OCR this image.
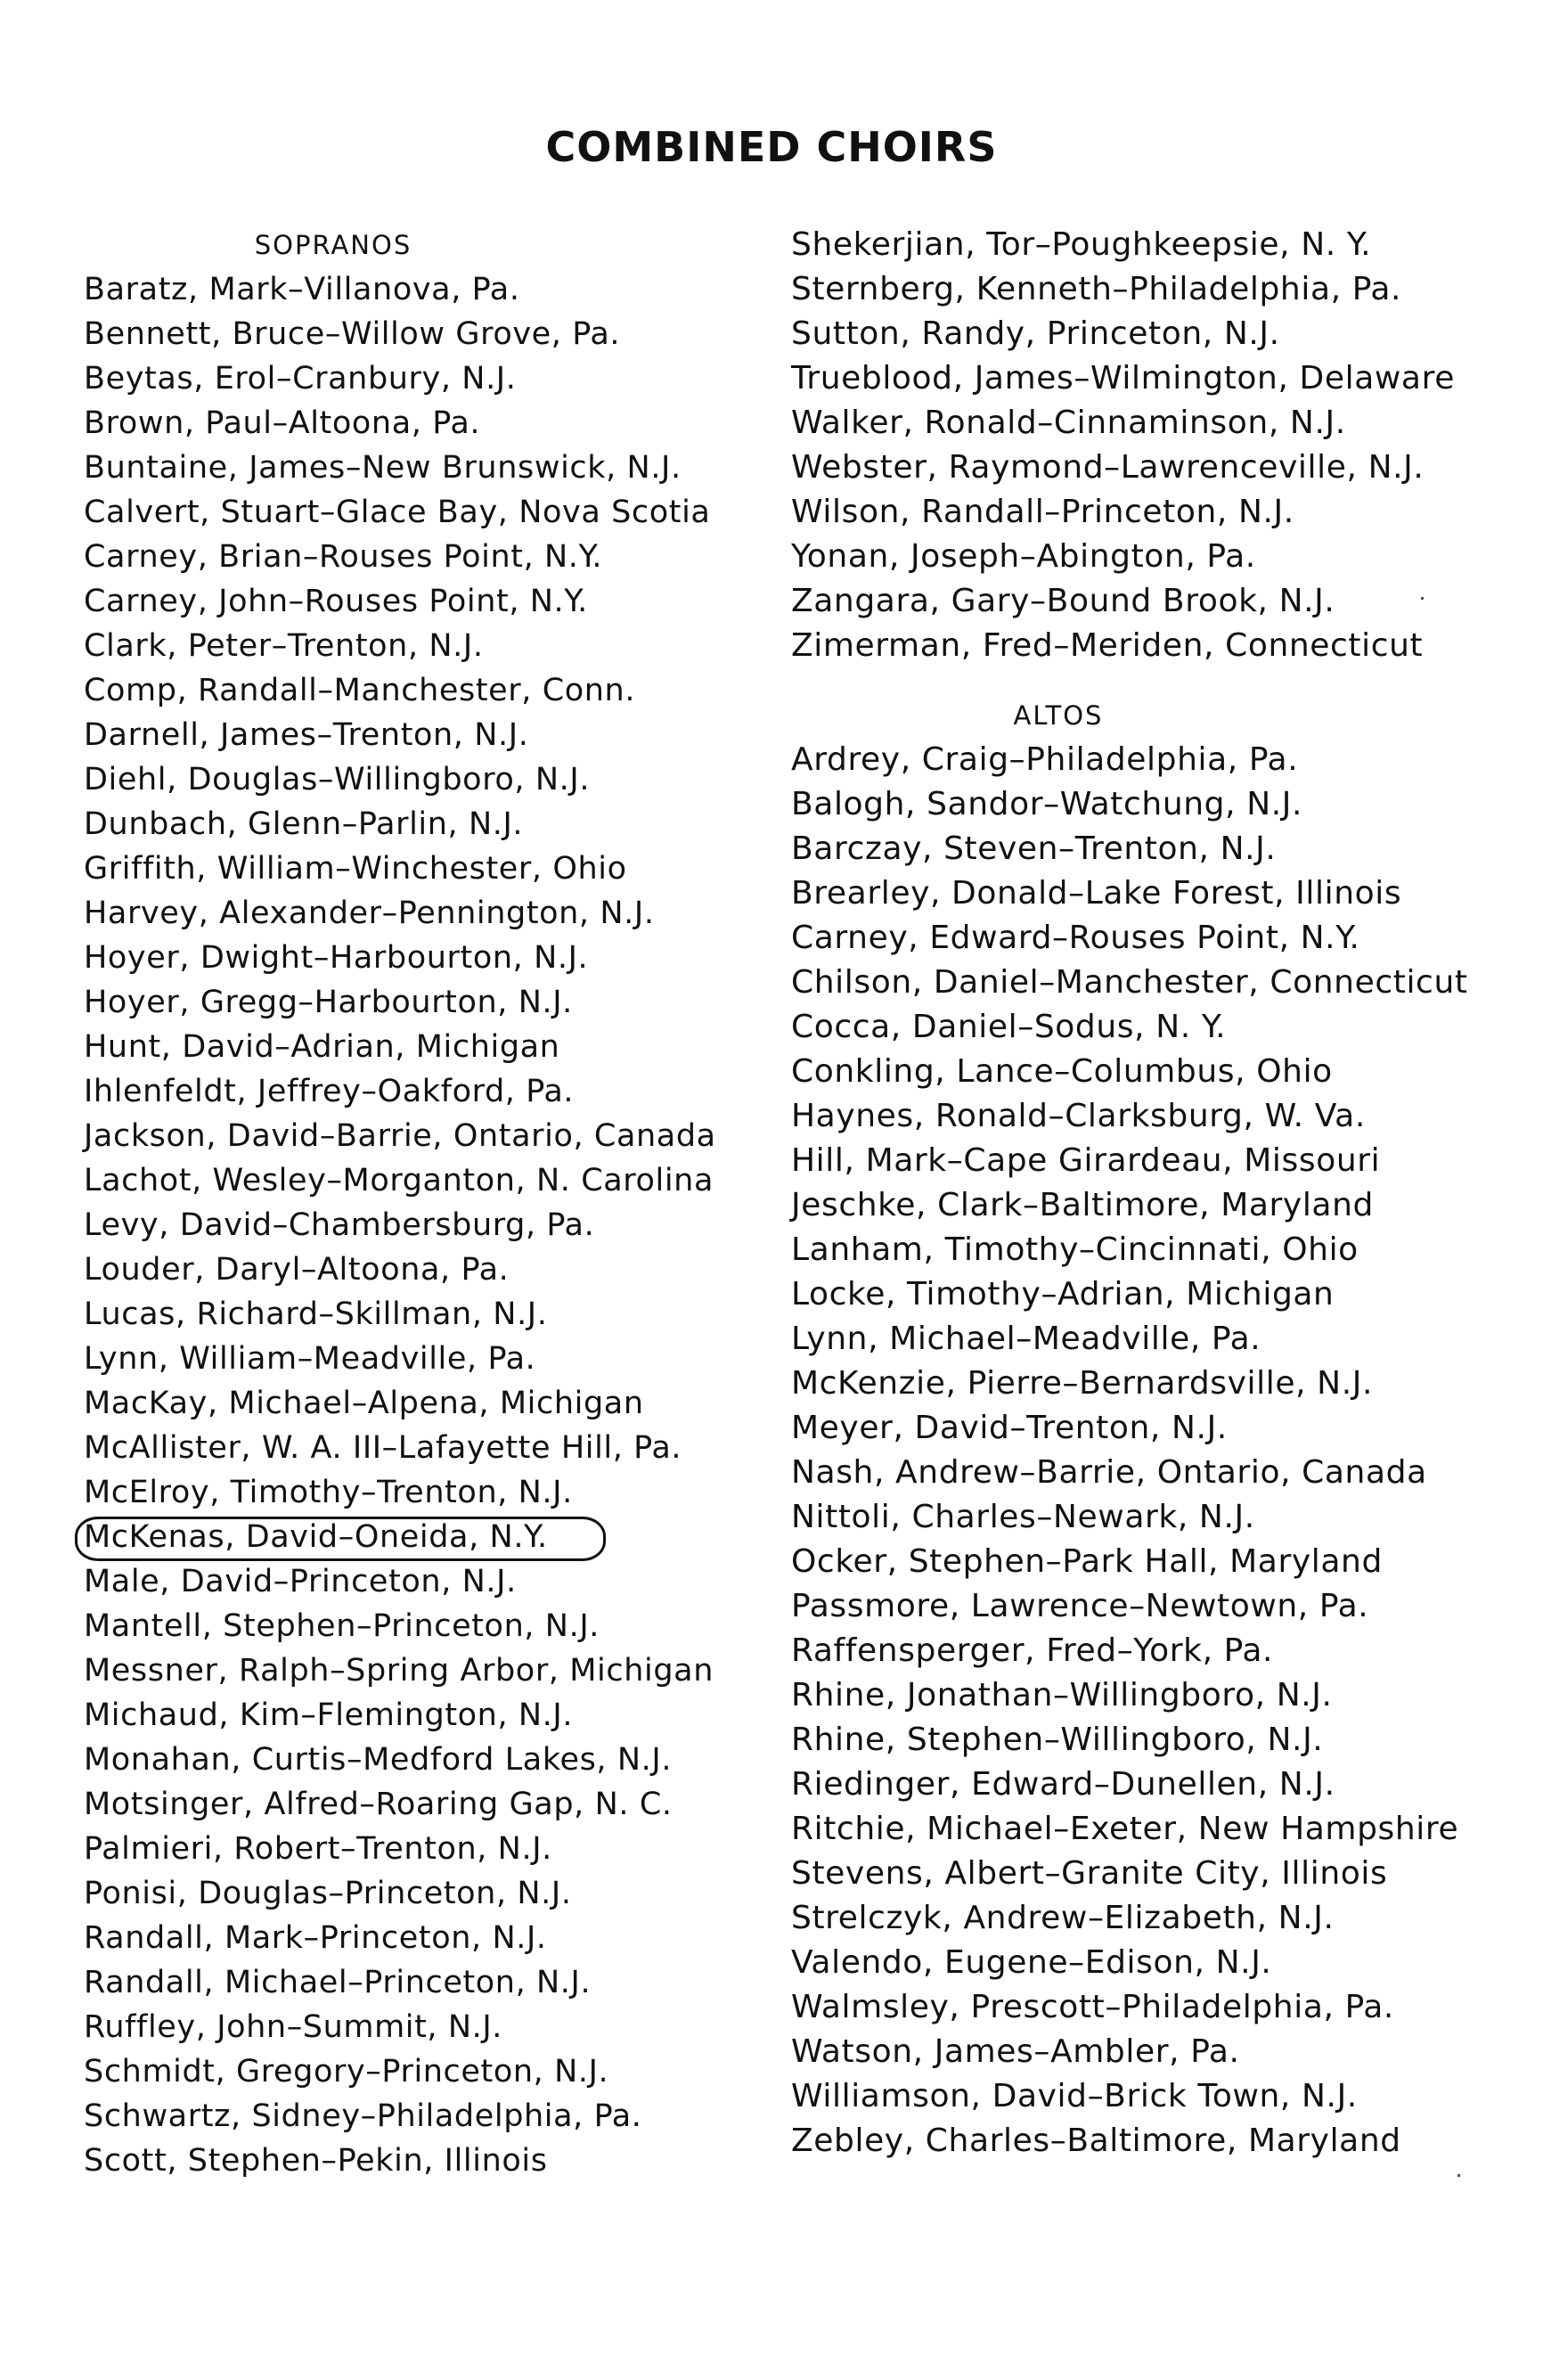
COMBINED CHOIRS
SOPRANOS
Baratz, Mark–Villanova, Pa.
Bennett, Bruce–Willow Grove, Pa.
Beytas, Erol–Cranbury, N.J.
Brown, Paul–Altoona, Pa.
Buntaine, James–New Brunswick, N.J.
Calvert, Stuart–Glace Bay, Nova Scotia
Carney, Brian–Rouses Point, N.Y.
Carney, John–Rouses Point, N.Y.
Clark, Peter–Trenton, N.J.
Comp, Randall–Manchester, Conn.
Darnell, James–Trenton, N.J.
Diehl, Douglas–Willingboro, N.J.
Dunbach, Glenn–Parlin, N.J.
Griffith, William–Winchester, Ohio
Harvey, Alexander–Pennington, N.J.
Hoyer, Dwight–Harbourton, N.J.
Hoyer, Gregg–Harbourton, N.J.
Hunt, David–Adrian, Michigan
Ihlenfeldt, Jeffrey–Oakford, Pa.
Jackson, David–Barrie, Ontario, Canada
Lachot, Wesley–Morganton, N. Carolina
Levy, David–Chambersburg, Pa.
Louder, Daryl–Altoona, Pa.
Lucas, Richard–Skillman, N.J.
Lynn, William–Meadville, Pa.
MacKay, Michael–Alpena, Michigan
McAllister, W. A. III–Lafayette Hill, Pa.
McElroy, Timothy–Trenton, N.J.
McKenas, David–Oneida, N.Y.
Male, David–Princeton, N.J.
Mantell, Stephen–Princeton, N.J.
Messner, Ralph–Spring Arbor, Michigan
Michaud, Kim–Flemington, N.J.
Monahan, Curtis–Medford Lakes, N.J.
Motsinger, Alfred–Roaring Gap, N. C.
Palmieri, Robert–Trenton, N.J.
Ponisi, Douglas–Princeton, N.J.
Randall, Mark–Princeton, N.J.
Randall, Michael–Princeton, N.J.
Ruffley, John–Summit, N.J.
Schmidt, Gregory–Princeton, N.J.
Schwartz, Sidney–Philadelphia, Pa.
Scott, Stephen–Pekin, Illinois
Shekerjian, Tor–Poughkeepsie, N. Y.
Sternberg, Kenneth–Philadelphia, Pa.
Sutton, Randy, Princeton, N.J.
Trueblood, James–Wilmington, Delaware
Walker, Ronald–Cinnaminson, N.J.
Webster, Raymond–Lawrenceville, N.J.
Wilson, Randall–Princeton, N.J.
Yonan, Joseph–Abington, Pa.
Zangara, Gary–Bound Brook, N.J.
Zimerman, Fred–Meriden, Connecticut
ALTOS
Ardrey, Craig–Philadelphia, Pa.
Balogh, Sandor–Watchung, N.J.
Barczay, Steven–Trenton, N.J.
Brearley, Donald–Lake Forest, Illinois
Carney, Edward–Rouses Point, N.Y.
Chilson, Daniel–Manchester, Connecticut
Cocca, Daniel–Sodus, N. Y.
Conkling, Lance–Columbus, Ohio
Haynes, Ronald–Clarksburg, W. Va.
Hill, Mark–Cape Girardeau, Missouri
Jeschke, Clark–Baltimore, Maryland
Lanham, Timothy–Cincinnati, Ohio
Locke, Timothy–Adrian, Michigan
Lynn, Michael–Meadville, Pa.
McKenzie, Pierre–Bernardsville, N.J.
Meyer, David–Trenton, N.J.
Nash, Andrew–Barrie, Ontario, Canada
Nittoli, Charles–Newark, N.J.
Ocker, Stephen–Park Hall, Maryland
Passmore, Lawrence–Newtown, Pa.
Raffensperger, Fred–York, Pa.
Rhine, Jonathan–Willingboro, N.J.
Rhine, Stephen–Willingboro, N.J.
Riedinger, Edward–Dunellen, N.J.
Ritchie, Michael–Exeter, New Hampshire
Stevens, Albert–Granite City, Illinois
Strelczyk, Andrew–Elizabeth, N.J.
Valendo, Eugene–Edison, N.J.
Walmsley, Prescott–Philadelphia, Pa.
Watson, James–Ambler, Pa.
Williamson, David–Brick Town, N.J.
Zebley, Charles–Baltimore, Maryland
